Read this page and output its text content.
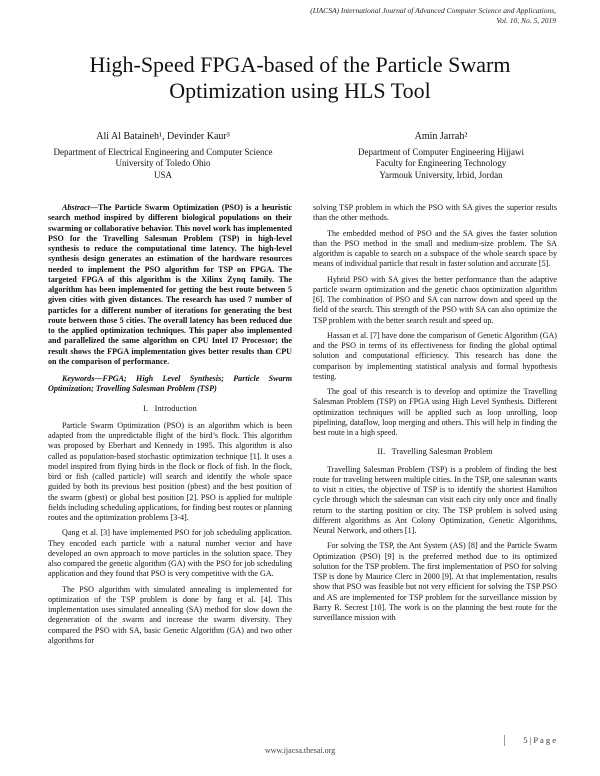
(IJACSA) International Journal of Advanced Computer Science and Applications,
Vol. 10, No. 5, 2019
High-Speed FPGA-based of the Particle Swarm
Optimization using HLS Tool
Ali Al Bataineh¹, Devinder Kaur³
Department of Electrical Engineering and Computer Science
University of Toledo Ohio
USA
Amin Jarrah²
Department of Computer Engineering Hijjawi
Faculty for Engineering Technology
Yarmouk University, Irbid, Jordan

Abstract—The Particle Swarm Optimization (PSO) is a heuristic search method inspired by different biological populations on their swarming or collaborative behavior. This novel work has implemented PSO for the Travelling Salesman Problem (TSP) in high-level synthesis to reduce the computational time latency. The high-level synthesis design generates an estimation of the hardware resources needed to implement the PSO algorithm for TSP on FPGA. The targeted FPGA of this algorithm is the Xilinx Zynq family. The algorithm has been implemented for getting the best route between 5 given cities with given distances. The research has used 7 number of particles for a different number of iterations for generating the best route between those 5 cities. The overall latency has been reduced due to the applied optimization techniques. This paper also implemented and parallelized the same algorithm on CPU Intel I7 Processor; the result shows the FPGA implementation gives better results than CPU on the comparison of performance.

Keywords—FPGA; High Level Synthesis; Particle Swarm Optimization; Travelling Salesman Problem (TSP)

I. Introduction

Particle Swarm Optimization (PSO) is an algorithm which is been adapted from the unpredictable flight of the bird’s flock. This algorithm was proposed by Eberhart and Kennedy in 1995. This algorithm is also called as population-based stochastic optimization technique [1]. It uses a model inspired from flying birds in the flock or flock of fish. In the flock, bird or fish (called particle) will search and identify the whole space guided by both its previous best position (pbest) and the best position of the swarm (gbest) or global best position [2]. PSO is applied for multiple fields including scheduling applications, for finding best routes or planning routes and the optimization problems [3-4].

Qang et al. [3] have implemented PSO for job scheduling application. They encoded each particle with a natural number vector and have developed an own approach to move particles in the solution space. They also compared the genetic algorithm (GA) with the PSO for job scheduling application and they found that PSO is very competitive with the GA.

The PSO algorithm with simulated annealing is implemented for optimization of the TSP problem is done by fang et al. [4]. This implementation uses simulated annealing (SA) method for slow down the degeneration of the swarm and increase the swarm diversity. They compared the PSO with SA, basic Genetic Algorithm (GA) and two other algorithms for

solving TSP problem in which the PSO with SA gives the superior results than the other methods.

The embedded method of PSO and the SA gives the faster solution than the PSO method in the small and medium-size problem. The SA algorithm is capable to search on a subspace of the whole search space by means of individual particle that result in faster solution and accurate [5].

Hybrid PSO with SA gives the better performance than the adaptive particle swarm optimization and the genetic chaos optimization algorithm [6]. The combination of PSO and SA can narrow down and speed up the field of the search. This strength of the PSO with SA can also optimize the TSP problem with the better search result and speed up.

Hassan et al. [7] have done the comparison of Genetic Algorithm (GA) and the PSO in terms of its effectiveness for finding the global optimal solution and computational efficiency. This research has done the comparison by implementing statistical analysis and formal hypothesis testing.

The goal of this research is to develop and optimize the Travelling Salesman Problem (TSP) on FPGA using High Level Synthesis. Different optimization techniques will be applied such as loop unrolling, loop pipelining, dataflow, loop merging and others. This will help in finding the best route in a high speed.

II. Travelling Salesman Problem

Travelling Salesman Problem (TSP) is a problem of finding the best route for traveling between multiple cities. In the TSP, one salesman wants to visit n cities, the objective of TSP is to identify the shortest Hamilton cycle through which the salesman can visit each city only once and finally return to the starting position or city. The TSP problem is solved using different algorithms as Ant Colony Optimization, Genetic Algorithms, Neural Network, and others [1].

For solving the TSP, the Ant System (AS) [8] and the Particle Swarm Optimization (PSO) [9] is the preferred method due to its optimized solution for the TSP problem. The first implementation of PSO for solving TSP is done by Maurice Clerc in 2000 [9]. At that implementation, results show that PSO was feasible but not very efficient for solving the TSP PSO and AS are implemented for TSP problem for the surveillance mission by Barry R. Secrest [10]. The work is on the planning the best route for the surveillance mission with

5 | P a g e
www.ijacsa.thesai.org
